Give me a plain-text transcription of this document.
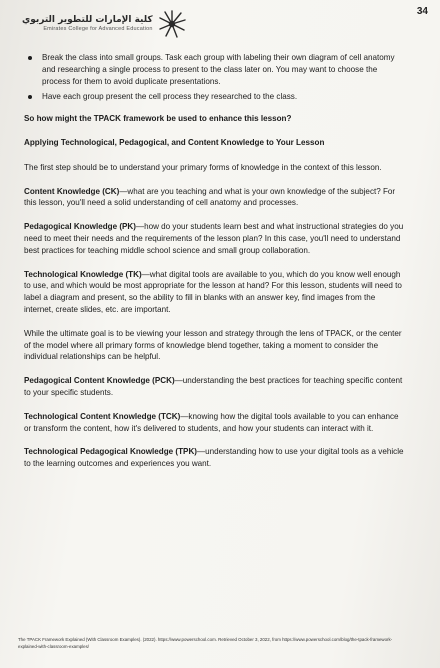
34
كلية الإمارات للتطوير التربوي
Emirates College for Advanced Education
Break the class into small groups. Task each group with labeling their own diagram of cell anatomy and researching a single process to present to the class later on. You may want to choose the process for them to avoid duplicate presentations.
Have each group present the cell process they researched to the class.

So how might the TPACK framework be used to enhance this lesson?

Applying Technological, Pedagogical, and Content Knowledge to Your Lesson

The first step should be to understand your primary forms of knowledge in the context of this lesson.

Content Knowledge (CK)—what are you teaching and what is your own knowledge of the subject? For this lesson, you'll need a solid understanding of cell anatomy and processes.

Pedagogical Knowledge (PK)—how do your students learn best and what instructional strategies do you need to meet their needs and the requirements of the lesson plan? In this case, you'll need to understand best practices for teaching middle school science and small group collaboration.

Technological Knowledge (TK)—what digital tools are available to you, which do you know well enough to use, and which would be most appropriate for the lesson at hand? For this lesson, students will need to label a diagram and present, so the ability to fill in blanks with an answer key, find images from the internet, create slides, etc. are important.

While the ultimate goal is to be viewing your lesson and strategy through the lens of TPACK, or the center of the model where all primary forms of knowledge blend together, taking a moment to consider the individual relationships can be helpful.

Pedagogical Content Knowledge (PCK)—understanding the best practices for teaching specific content to your specific students.

Technological Content Knowledge (TCK)—knowing how the digital tools available to you can enhance or transform the content, how it's delivered to students, and how your students can interact with it.

Technological Pedagogical Knowledge (TPK)—understanding how to use your digital tools as a vehicle to the learning outcomes and experiences you want.

The TPACK Framework Explained (With Classroom Examples). (2022). https://www.powerschool.com. Retrieved October 3, 2022, from https://www.powerschool.com/blog/the-tpack-framework-explained-with-classroom-examples/
